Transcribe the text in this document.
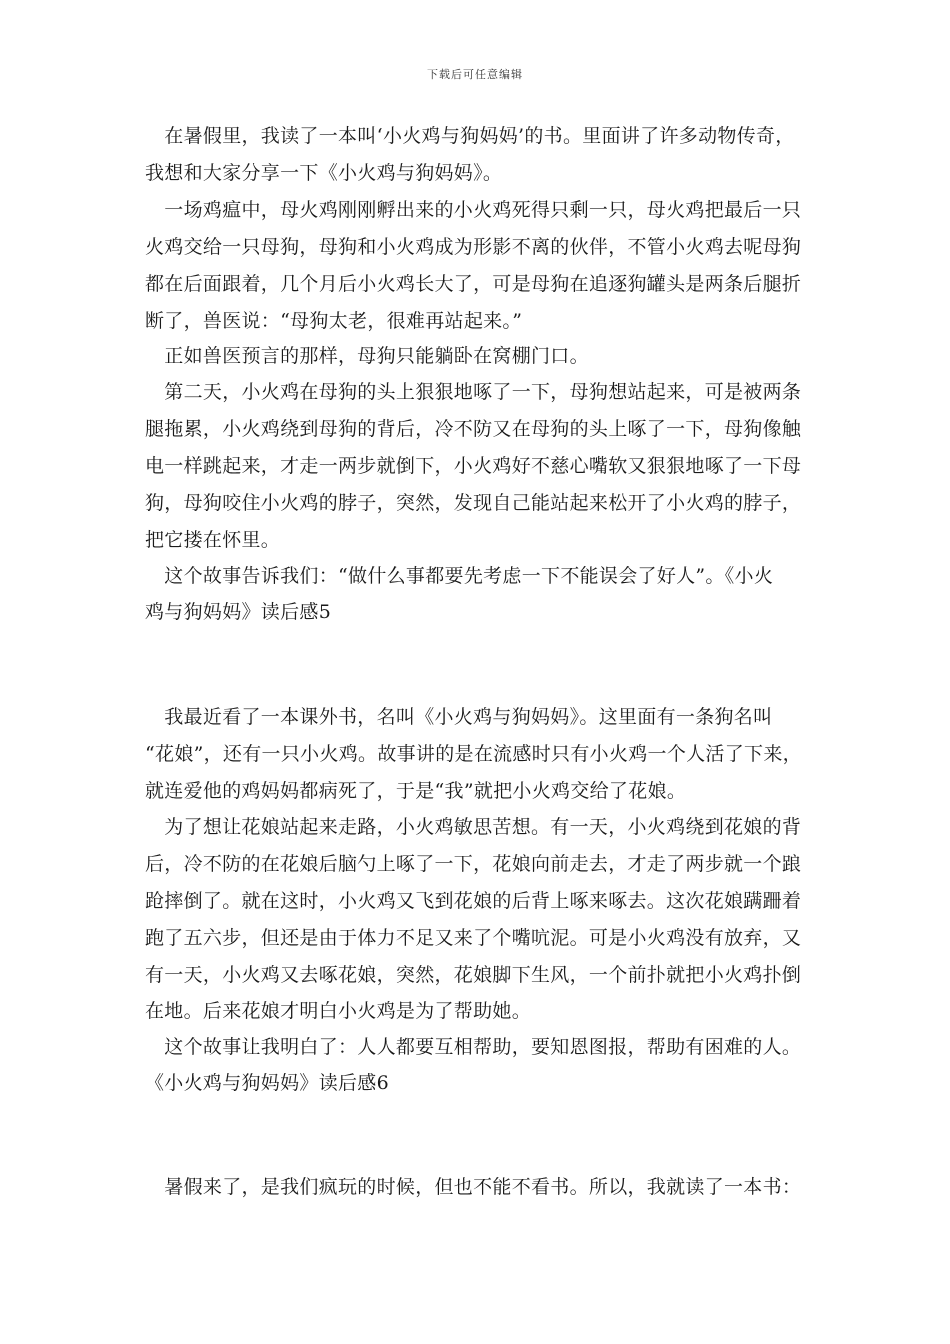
下载后可任意编辑
　在暑假里，我读了一本叫‘小火鸡与狗妈妈’的书。里面讲了许多动物传奇，
我想和大家分享一下《小火鸡与狗妈妈》。
　一场鸡瘟中，母火鸡刚刚孵出来的小火鸡死得只剩一只，母火鸡把最后一只
火鸡交给一只母狗，母狗和小火鸡成为形影不离的伙伴，不管小火鸡去呢母狗
都在后面跟着，几个月后小火鸡长大了，可是母狗在追逐狗罐头是两条后腿折
断了，兽医说：“母狗太老，很难再站起来。”
　正如兽医预言的那样，母狗只能躺卧在窝棚门口。
　第二天，小火鸡在母狗的头上狠狠地啄了一下，母狗想站起来，可是被两条
腿拖累，小火鸡绕到母狗的背后，冷不防又在母狗的头上啄了一下，母狗像触
电一样跳起来，才走一两步就倒下，小火鸡好不慈心嘴软又狠狠地啄了一下母
狗，母狗咬住小火鸡的脖子，突然，发现自己能站起来松开了小火鸡的脖子，
把它搂在怀里。
　这个故事告诉我们：“做什么事都要先考虑一下不能误会了好人”。《小火
鸡与狗妈妈》读后感5
　我最近看了一本课外书，名叫《小火鸡与狗妈妈》。这里面有一条狗名叫
“花娘”，还有一只小火鸡。故事讲的是在流感时只有小火鸡一个人活了下来，
就连爱他的鸡妈妈都病死了，于是“我”就把小火鸡交给了花娘。
　为了想让花娘站起来走路，小火鸡敏思苦想。有一天，小火鸡绕到花娘的背
后，冷不防的在花娘后脑勺上啄了一下，花娘向前走去，才走了两步就一个踉
跄摔倒了。就在这时，小火鸡又飞到花娘的后背上啄来啄去。这次花娘蹒跚着
跑了五六步，但还是由于体力不足又来了个嘴吭泥。可是小火鸡没有放弃，又
有一天，小火鸡又去啄花娘，突然，花娘脚下生风，一个前扑就把小火鸡扑倒
在地。后来花娘才明白小火鸡是为了帮助她。
　这个故事让我明白了：人人都要互相帮助，要知恩图报，帮助有困难的人。
《小火鸡与狗妈妈》读后感6
　暑假来了，是我们疯玩的时候，但也不能不看书。所以，我就读了一本书：
